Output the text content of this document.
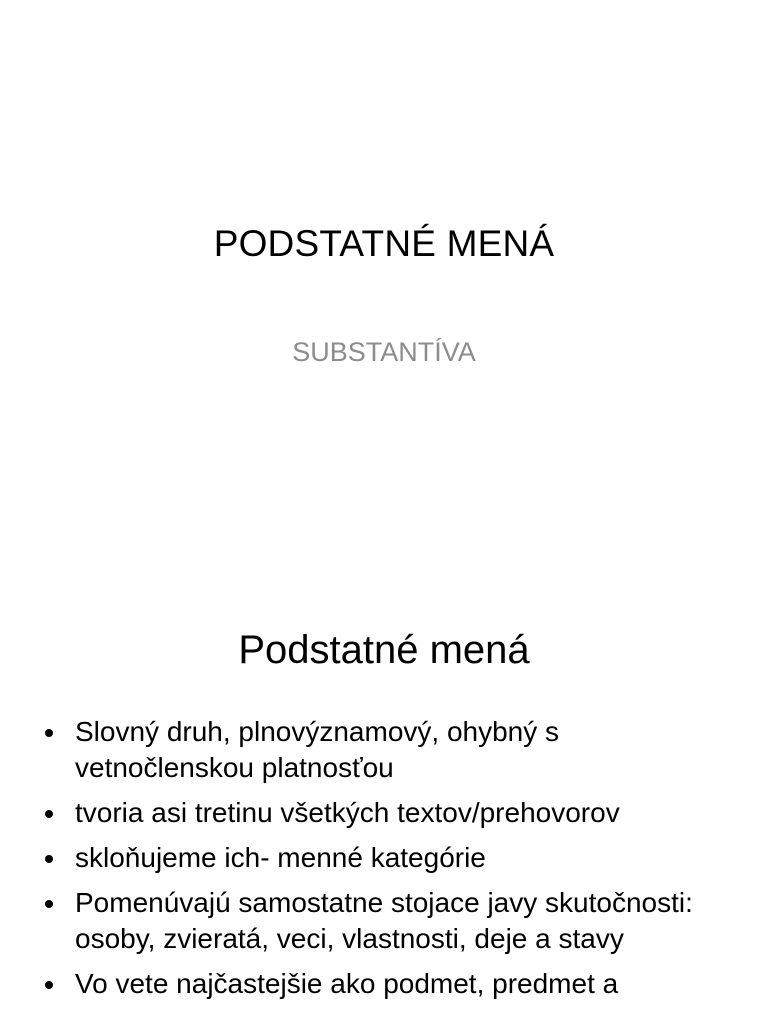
PODSTATNÉ MENÁ
SUBSTANTÍVA
Podstatné mená
Slovný druh, plnovýznamový, ohybný s vetnočlenskou platnosťou
tvoria asi tretinu všetkých textov/prehovorov
skloňujeme ich- menné kategórie
Pomenúvajú samostatne stojace javy skutočnosti: osoby, zvieratá, veci, vlastnosti, deje a stavy
Vo vete najčastejšie ako podmet, predmet a
